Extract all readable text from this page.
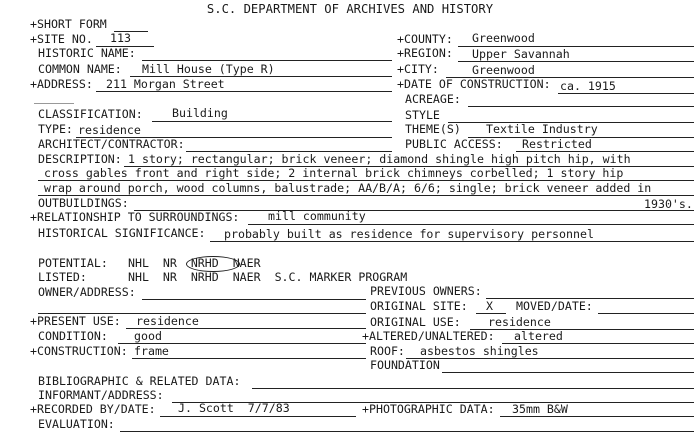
S.C. DEPARTMENT OF ARCHIVES AND HISTORY
+SHORT FORM
+SITE NO. 113	+COUNTY: Greenwood
HISTORIC NAME:	+REGION: Upper Savannah
COMMON NAME: Mill House (Type R)	+CITY:	Greenwood
+ADDRESS: 211 Morgan Street	+DATE OF CONSTRUCTION: ca. 1915
ACREAGE:
CLASSIFICATION:	Building	STYLE
TYPE: residence	THEME(S) Textile Industry
ARCHITECT/CONTRACTOR:	PUBLIC ACCESS: Restricted
DESCRIPTION: 1 story; rectangular; brick veneer; diamond shingle high pitch hip, with
cross gables front and right side; 2 internal brick chimneys corbelled; 1 story hip
wrap around porch, wood columns, balustrade; AA/B/A; 6/6; single; brick veneer added in
OUTBUILDINGS:	1930's.
+RELATIONSHIP TO SURROUNDINGS: mill community
HISTORICAL SIGNIFICANCE: probably built as residence for supervisory personnel
POTENTIAL: NHL  NR  NRHD  NAER
LISTED:	NHL  NR  NRHD  NAER  S.C. MARKER PROGRAM
OWNER/ADDRESS:	PREVIOUS OWNERS:
ORIGINAL SITE: X MOVED/DATE:
+PRESENT USE: residence	ORIGINAL USE: residence
CONDITION: good	+ALTERED/UNALTERED: altered
+CONSTRUCTION: frame	ROOF: asbestos shingles
FOUNDATION
BIBLIOGRAPHIC & RELATED DATA:
INFORMANT/ADDRESS:
+RECORDED BY/DATE: J. Scott  7/7/83	+PHOTOGRAPHIC DATA: 35mm B&W
EVALUATION:
